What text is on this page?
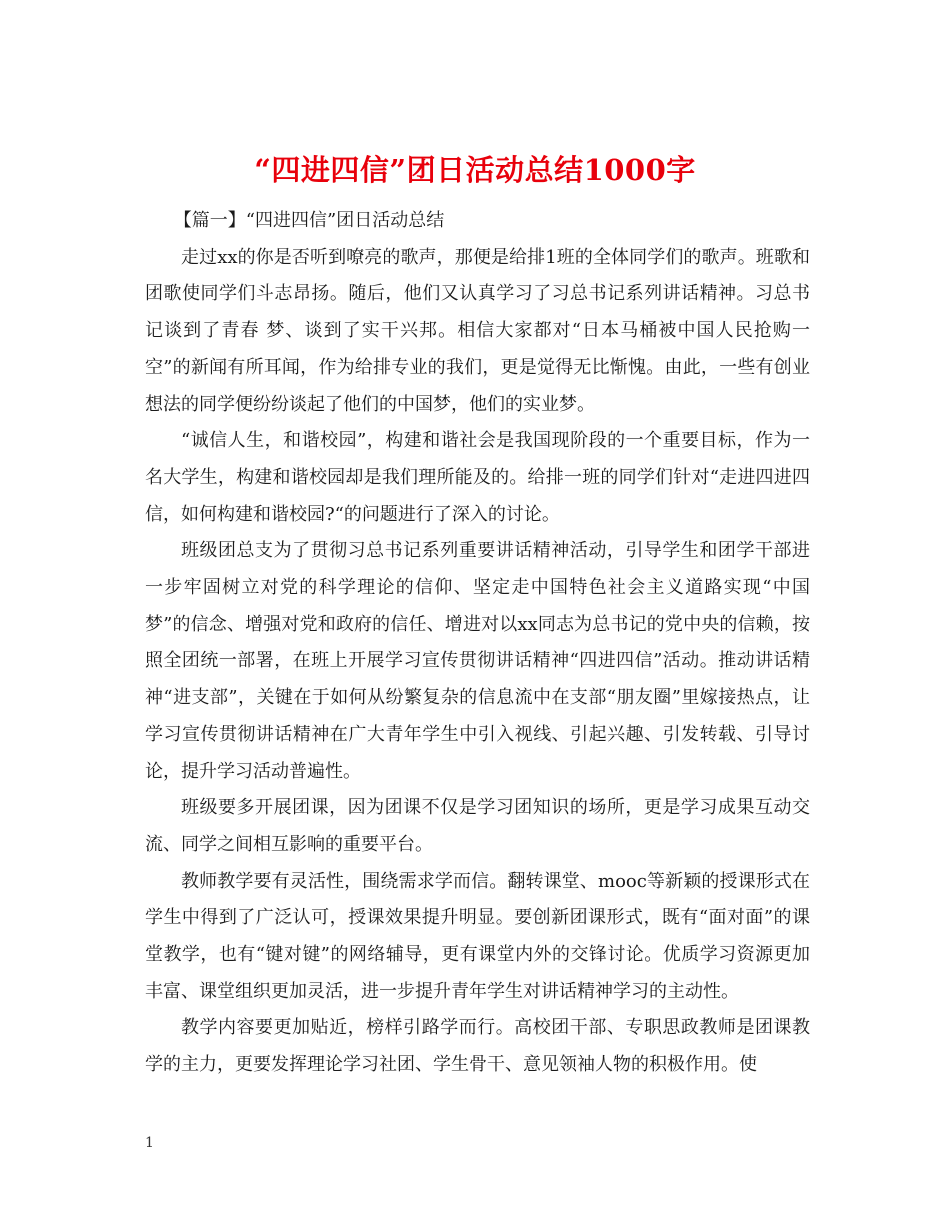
“四进四信”团日活动总结1000字

【篇一】“四进四信”团日活动总结

走过xx的你是否听到嘹亮的歌声，那便是给排1班的全体同学们的歌声。班歌和团歌使同学们斗志昂扬。随后，他们又认真学习了习总书记系列讲话精神。习总书记谈到了青春 梦、谈到了实干兴邦。相信大家都对“日本马桶被中国人民抢购一空”的新闻有所耳闻，作为给排专业的我们，更是觉得无比惭愧。由此，一些有创业想法的同学便纷纷谈起了他们的中国梦，他们的实业梦。

“诚信人生，和谐校园”，构建和谐社会是我国现阶段的一个重要目标，作为一名大学生，构建和谐校园却是我们理所能及的。给排一班的同学们针对“走进四进四信，如何构建和谐校园?“的问题进行了深入的讨论。

班级团总支为了贯彻习总书记系列重要讲话精神活动，引导学生和团学干部进一步牢固树立对党的科学理论的信仰、坚定走中国特色社会主义道路实现“中国梦”的信念、增强对党和政府的信任、增进对以xx同志为总书记的党中央的信赖，按照全团统一部署，在班上开展学习宣传贯彻讲话精神“四进四信”活动。推动讲话精神“进支部”，关键在于如何从纷繁复杂的信息流中在支部“朋友圈”里嫁接热点，让学习宣传贯彻讲话精神在广大青年学生中引入视线、引起兴趣、引发转载、引导讨论，提升学习活动普遍性。

班级要多开展团课，因为团课不仅是学习团知识的场所，更是学习成果互动交流、同学之间相互影响的重要平台。

教师教学要有灵活性，围绕需求学而信。翻转课堂、mooc等新颖的授课形式在学生中得到了广泛认可，授课效果提升明显。要创新团课形式，既有“面对面”的课堂教学，也有“键对键”的网络辅导，更有课堂内外的交锋讨论。优质学习资源更加丰富、课堂组织更加灵活，进一步提升青年学生对讲话精神学习的主动性。

教学内容要更加贴近，榜样引路学而行。高校团干部、专职思政教师是团课教学的主力，更要发挥理论学习社团、学生骨干、意见领袖人物的积极作用。使

1
